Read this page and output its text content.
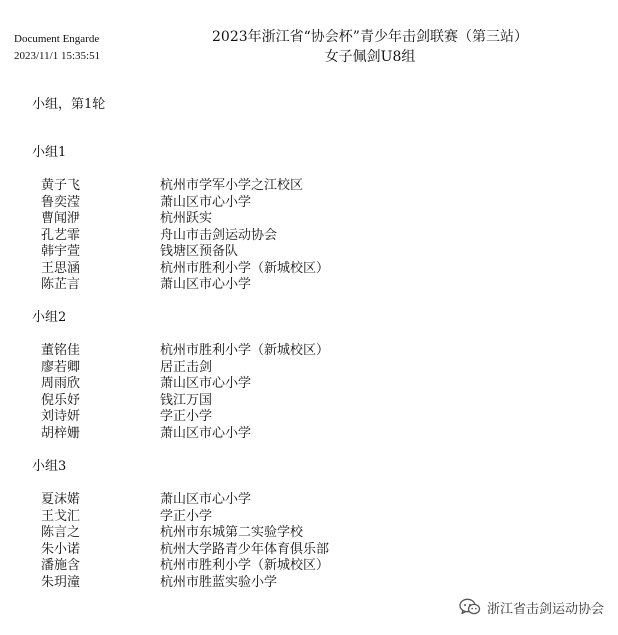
Document Engarde
2023/11/1 15:35:51
2023年浙江省“协会杯”青少年击剑联赛（第三站）
女子佩剑U8组
小组，第1轮
小组1
黄子飞	杭州市学军小学之江校区
鲁奕滢	萧山区市心小学
曹闻洢	杭州跃实
孔艺霏	舟山市击剑运动协会
韩宇萱	钱塘区预备队
王思涵	杭州市胜利小学（新城校区）
陈芷言	萧山区市心小学
小组2
董铭佳	杭州市胜利小学（新城校区）
廖若卿	居正击剑
周雨欣	萧山区市心小学
倪乐妤	钱江万国
刘诗妍	学正小学
胡梓姗	萧山区市心小学
小组3
夏沫婼	萧山区市心小学
王戈汇	学正小学
陈言之	杭州市东城第二实验学校
朱小诺	杭州大学路青少年体育俱乐部
潘施含	杭州市胜利小学（新城校区）
朱玥潼	杭州市胜蓝实验小学
浙江省击剑运动协会
